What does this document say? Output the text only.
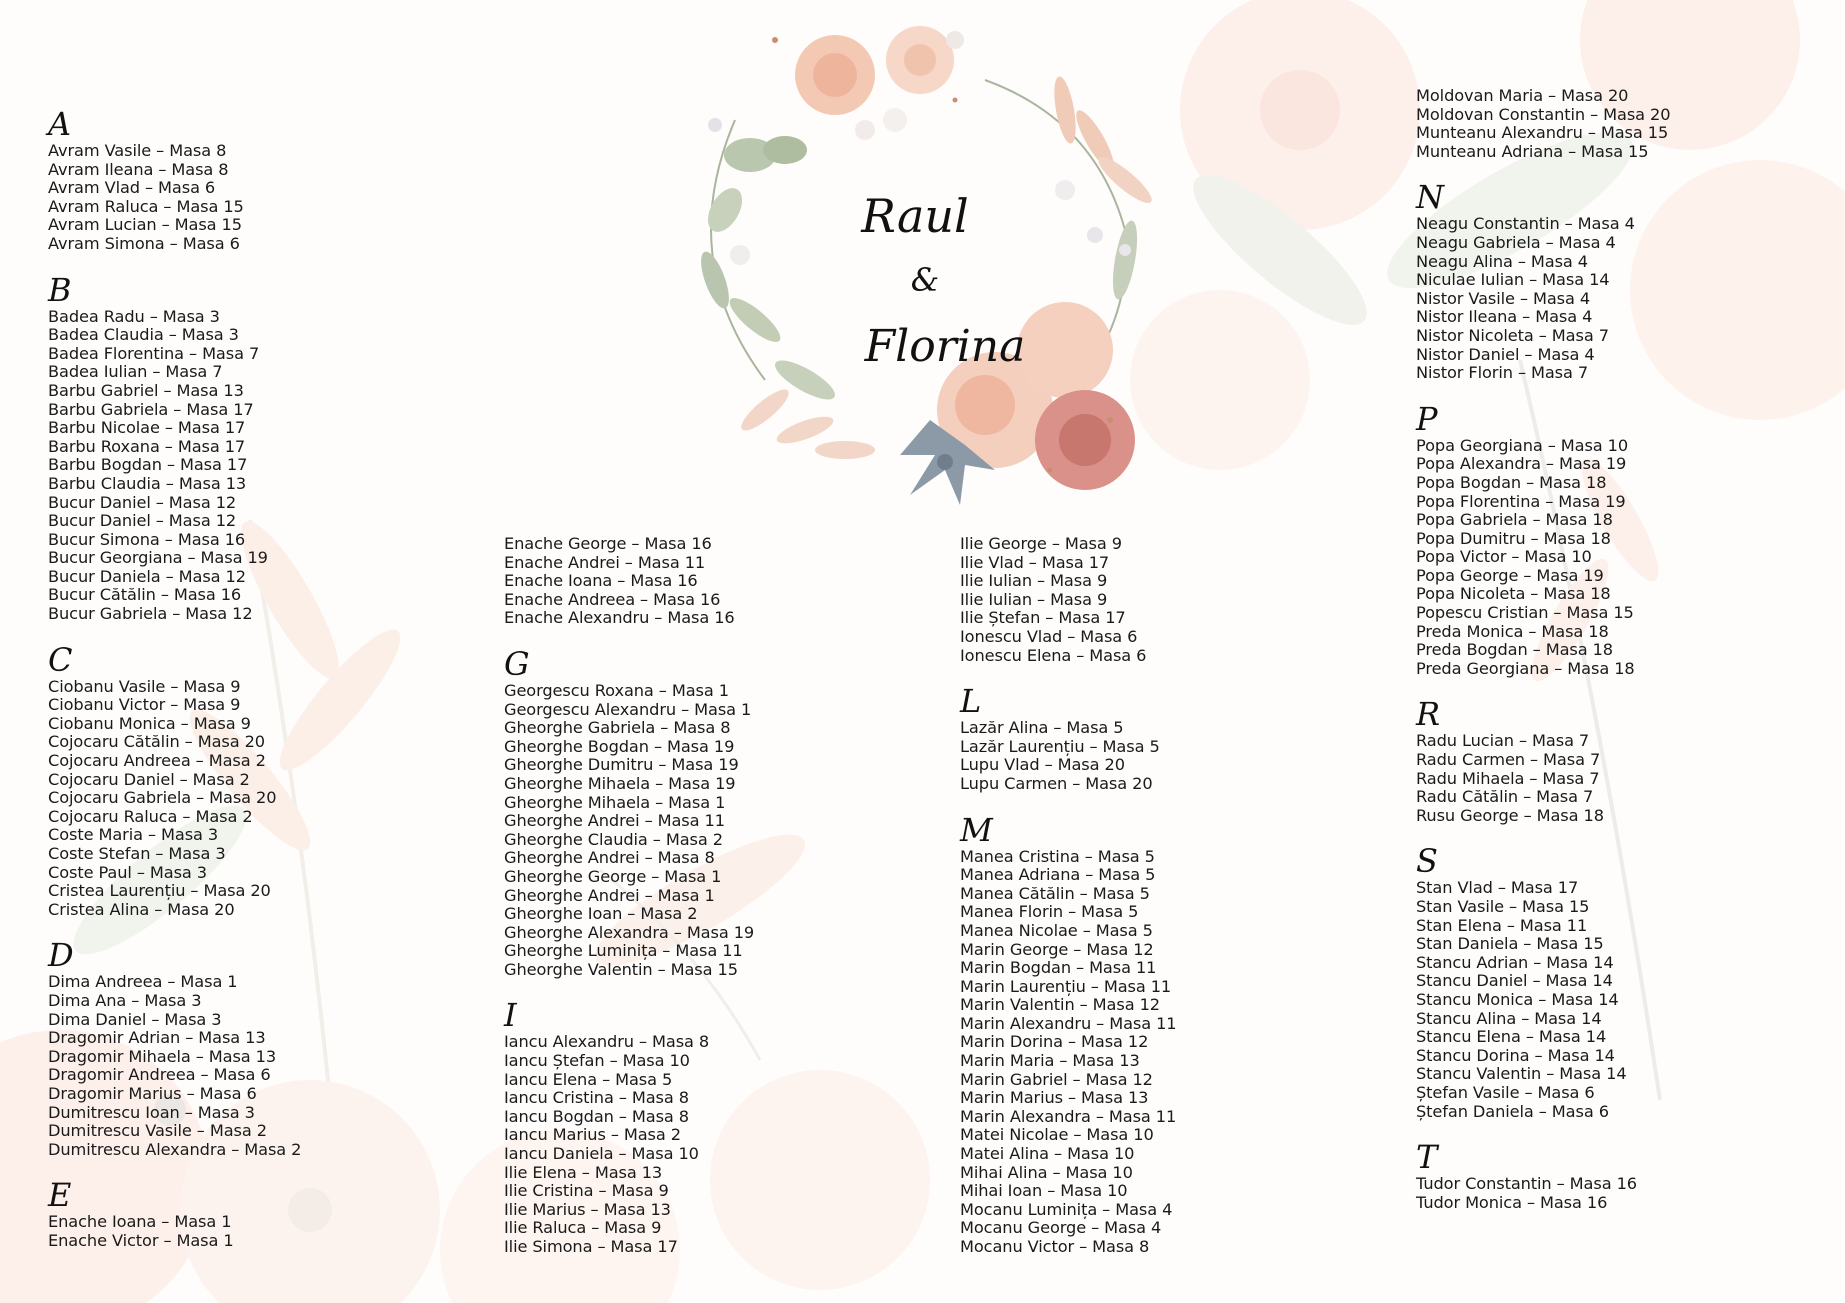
Raul
&
Florina
A
Avram Vasile – Masa 8
Avram Ileana – Masa 8
Avram Vlad – Masa 6
Avram Raluca – Masa 15
Avram Lucian – Masa 15
Avram Simona – Masa 6
B
Badea Radu – Masa 3
Badea Claudia – Masa 3
Badea Florentina – Masa 7
Badea Iulian – Masa 7
Barbu Gabriel – Masa 13
Barbu Gabriela – Masa 17
Barbu Nicolae – Masa 17
Barbu Roxana – Masa 17
Barbu Bogdan – Masa 17
Barbu Claudia – Masa 13
Bucur Daniel – Masa 12
Bucur Daniel – Masa 12
Bucur Simona – Masa 16
Bucur Georgiana – Masa 19
Bucur Daniela – Masa 12
Bucur Cătălin – Masa 16
Bucur Gabriela – Masa 12
C
Ciobanu Vasile – Masa 9
Ciobanu Victor – Masa 9
Ciobanu Monica – Masa 9
Cojocaru Cătălin – Masa 20
Cojocaru Andreea – Masa 2
Cojocaru Daniel – Masa 2
Cojocaru Gabriela – Masa 20
Cojocaru Raluca – Masa 2
Coste Maria – Masa 3
Coste Stefan – Masa 3
Coste Paul – Masa 3
Cristea Laurențiu – Masa 20
Cristea Alina – Masa 20
D
Dima Andreea – Masa 1
Dima Ana – Masa 3
Dima Daniel – Masa 3
Dragomir Adrian – Masa 13
Dragomir Mihaela – Masa 13
Dragomir Andreea – Masa 6
Dragomir Marius – Masa 6
Dumitrescu Ioan – Masa 3
Dumitrescu Vasile – Masa 2
Dumitrescu Alexandra – Masa 2
E
Enache Ioana – Masa 1
Enache Victor – Masa 1
Enache George – Masa 16
Enache Andrei – Masa 11
Enache Ioana – Masa 16
Enache Andreea – Masa 16
Enache Alexandru – Masa 16
G
Georgescu Roxana – Masa 1
Georgescu Alexandru – Masa 1
Gheorghe Gabriela – Masa 8
Gheorghe Bogdan – Masa 19
Gheorghe Dumitru – Masa 19
Gheorghe Mihaela – Masa 19
Gheorghe Mihaela – Masa 1
Gheorghe Andrei – Masa 11
Gheorghe Claudia – Masa 2
Gheorghe Andrei – Masa 8
Gheorghe George – Masa 1
Gheorghe Andrei – Masa 1
Gheorghe Ioan – Masa 2
Gheorghe Alexandra – Masa 19
Gheorghe Luminița – Masa 11
Gheorghe Valentin – Masa 15
I
Iancu Alexandru – Masa 8
Iancu Ștefan – Masa 10
Iancu Elena – Masa 5
Iancu Cristina – Masa 8
Iancu Bogdan – Masa 8
Iancu Marius – Masa 2
Iancu Daniela – Masa 10
Ilie Elena – Masa 13
Ilie Cristina – Masa 9
Ilie Marius – Masa 13
Ilie Raluca – Masa 9
Ilie Simona – Masa 17
Ilie George – Masa 9
Ilie Vlad – Masa 17
Ilie Iulian – Masa 9
Ilie Iulian – Masa 9
Ilie Ștefan – Masa 17
Ionescu Vlad – Masa 6
Ionescu Elena – Masa 6
L
Lazăr Alina – Masa 5
Lazăr Laurențiu – Masa 5
Lupu Vlad – Masa 20
Lupu Carmen – Masa 20
M
Manea Cristina – Masa 5
Manea Adriana – Masa 5
Manea Cătălin – Masa 5
Manea Florin – Masa 5
Manea Nicolae – Masa 5
Marin George – Masa 12
Marin Bogdan – Masa 11
Marin Laurențiu – Masa 11
Marin Valentin – Masa 12
Marin Alexandru – Masa 11
Marin Dorina – Masa 12
Marin Maria – Masa 13
Marin Gabriel – Masa 12
Marin Marius – Masa 13
Marin Alexandra – Masa 11
Matei Nicolae – Masa 10
Matei Alina – Masa 10
Mihai Alina – Masa 10
Mihai Ioan – Masa 10
Mocanu Luminița – Masa 4
Mocanu George – Masa 4
Mocanu Victor – Masa 8
Moldovan Maria – Masa 20
Moldovan Constantin – Masa 20
Munteanu Alexandru – Masa 15
Munteanu Adriana – Masa 15
N
Neagu Constantin – Masa 4
Neagu Gabriela – Masa 4
Neagu Alina – Masa 4
Niculae Iulian – Masa 14
Nistor Vasile – Masa 4
Nistor Ileana – Masa 4
Nistor Nicoleta – Masa 7
Nistor Daniel – Masa 4
Nistor Florin – Masa 7
P
Popa Georgiana – Masa 10
Popa Alexandra – Masa 19
Popa Bogdan – Masa 18
Popa Florentina – Masa 19
Popa Gabriela – Masa 18
Popa Dumitru – Masa 18
Popa Victor – Masa 10
Popa George – Masa 19
Popa Nicoleta – Masa 18
Popescu Cristian – Masa 15
Preda Monica – Masa 18
Preda Bogdan – Masa 18
Preda Georgiana – Masa 18
R
Radu Lucian – Masa 7
Radu Carmen – Masa 7
Radu Mihaela – Masa 7
Radu Cătălin – Masa 7
Rusu George – Masa 18
S
Stan Vlad – Masa 17
Stan Vasile – Masa 15
Stan Elena – Masa 11
Stan Daniela – Masa 15
Stancu Adrian – Masa 14
Stancu Daniel – Masa 14
Stancu Monica – Masa 14
Stancu Alina – Masa 14
Stancu Elena – Masa 14
Stancu Dorina – Masa 14
Stancu Valentin – Masa 14
Ștefan Vasile – Masa 6
Ștefan Daniela – Masa 6
T
Tudor Constantin – Masa 16
Tudor Monica – Masa 16
